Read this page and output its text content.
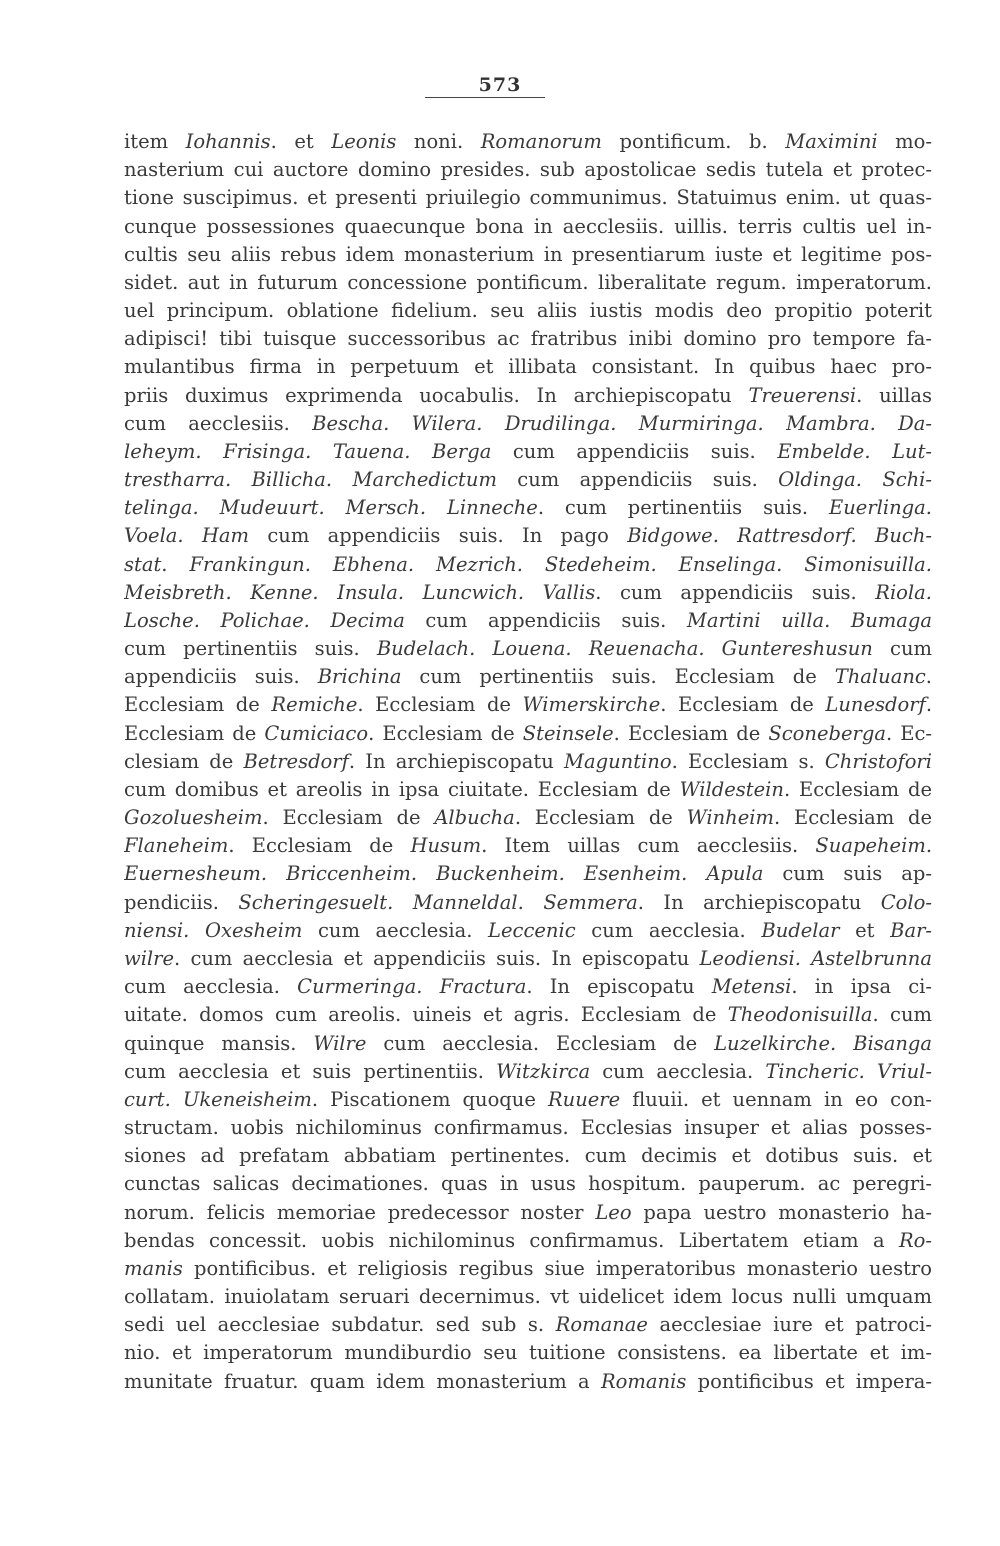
573
item Iohannis. et Leonis noni. Romanorum pontificum. b. Maximini mo-
nasterium cui auctore domino presides. sub apostolicae sedis tutela et protec-
tione suscipimus. et presenti priuilegio communimus. Statuimus enim. ut quas-
cunque possessiones quaecunque bona in aecclesiis. uillis. terris cultis uel in-
cultis seu aliis rebus idem monasterium in presentiarum iuste et legitime pos-
sidet. aut in futurum concessione pontificum. liberalitate regum. imperatorum.
uel principum. oblatione fidelium. seu aliis iustis modis deo propitio poterit
adipisci! tibi tuisque successoribus ac fratribus inibi domino pro tempore fa-
mulantibus firma in perpetuum et illibata consistant. In quibus haec pro-
priis duximus exprimenda uocabulis. In archiepiscopatu Treuerensi. uillas
cum aecclesiis. Bescha. Wilera. Drudilinga. Murmiringa. Mambra. Da-
leheym. Frisinga. Tauena. Berga cum appendiciis suis. Embelde. Lut-
trestharra. Billicha. Marchedictum cum appendiciis suis. Oldinga. Schi-
telinga. Mudeuurt. Mersch. Linneche. cum pertinentiis suis. Euerlinga.
Voela. Ham cum appendiciis suis. In pago Bidgowe. Rattresdorf. Buch-
stat. Frankingun. Ebhena. Mezrich. Stedeheim. Enselinga. Simonisuilla.
Meisbreth. Kenne. Insula. Luncwich. Vallis. cum appendiciis suis. Riola.
Losche. Polichae. Decima cum appendiciis suis. Martini uilla. Bumaga
cum pertinentiis suis. Budelach. Louena. Reuenacha. Guntereshusun cum
appendiciis suis. Brichina cum pertinentiis suis. Ecclesiam de Thaluanc.
Ecclesiam de Remiche. Ecclesiam de Wimerskirche. Ecclesiam de Lunesdorf.
Ecclesiam de Cumiciaco. Ecclesiam de Steinsele. Ecclesiam de Sconeberga. Ec-
clesiam de Betresdorf. In archiepiscopatu Maguntino. Ecclesiam s. Christofori
cum domibus et areolis in ipsa ciuitate. Ecclesiam de Wildestein. Ecclesiam de
Gozoluesheim. Ecclesiam de Albucha. Ecclesiam de Winheim. Ecclesiam de
Flaneheim. Ecclesiam de Husum. Item uillas cum aecclesiis. Suapeheim.
Euernesheum. Briccenheim. Buckenheim. Esenheim. Apula cum suis ap-
pendiciis. Scheringesuelt. Manneldal. Semmera. In archiepiscopatu Colo-
niensi. Oxesheim cum aecclesia. Leccenic cum aecclesia. Budelar et Bar-
wilre. cum aecclesia et appendiciis suis. In episcopatu Leodiensi. Astelbrunna
cum aecclesia. Curmeringa. Fractura. In episcopatu Metensi. in ipsa ci-
uitate. domos cum areolis. uineis et agris. Ecclesiam de Theodonisuilla. cum
quinque mansis. Wilre cum aecclesia. Ecclesiam de Luzelkirche. Bisanga
cum aecclesia et suis pertinentiis. Witzkirca cum aecclesia. Tincheric. Vriul-
curt. Ukeneisheim. Piscationem quoque Ruuere fluuii. et uennam in eo con-
structam. uobis nichilominus confirmamus. Ecclesias insuper et alias posses-
siones ad prefatam abbatiam pertinentes. cum decimis et dotibus suis. et
cunctas salicas decimationes. quas in usus hospitum. pauperum. ac peregri-
norum. felicis memoriae predecessor noster Leo papa uestro monasterio ha-
bendas concessit. uobis nichilominus confirmamus. Libertatem etiam a Ro-
manis pontificibus. et religiosis regibus siue imperatoribus monasterio uestro
collatam. inuiolatam seruari decernimus. vt uidelicet idem locus nulli umquam
sedi uel aecclesiae subdatur. sed sub s. Romanae aecclesiae iure et patroci-
nio. et imperatorum mundiburdio seu tuitione consistens. ea libertate et im-
munitate fruatur. quam idem monasterium a Romanis pontificibus et impera-
